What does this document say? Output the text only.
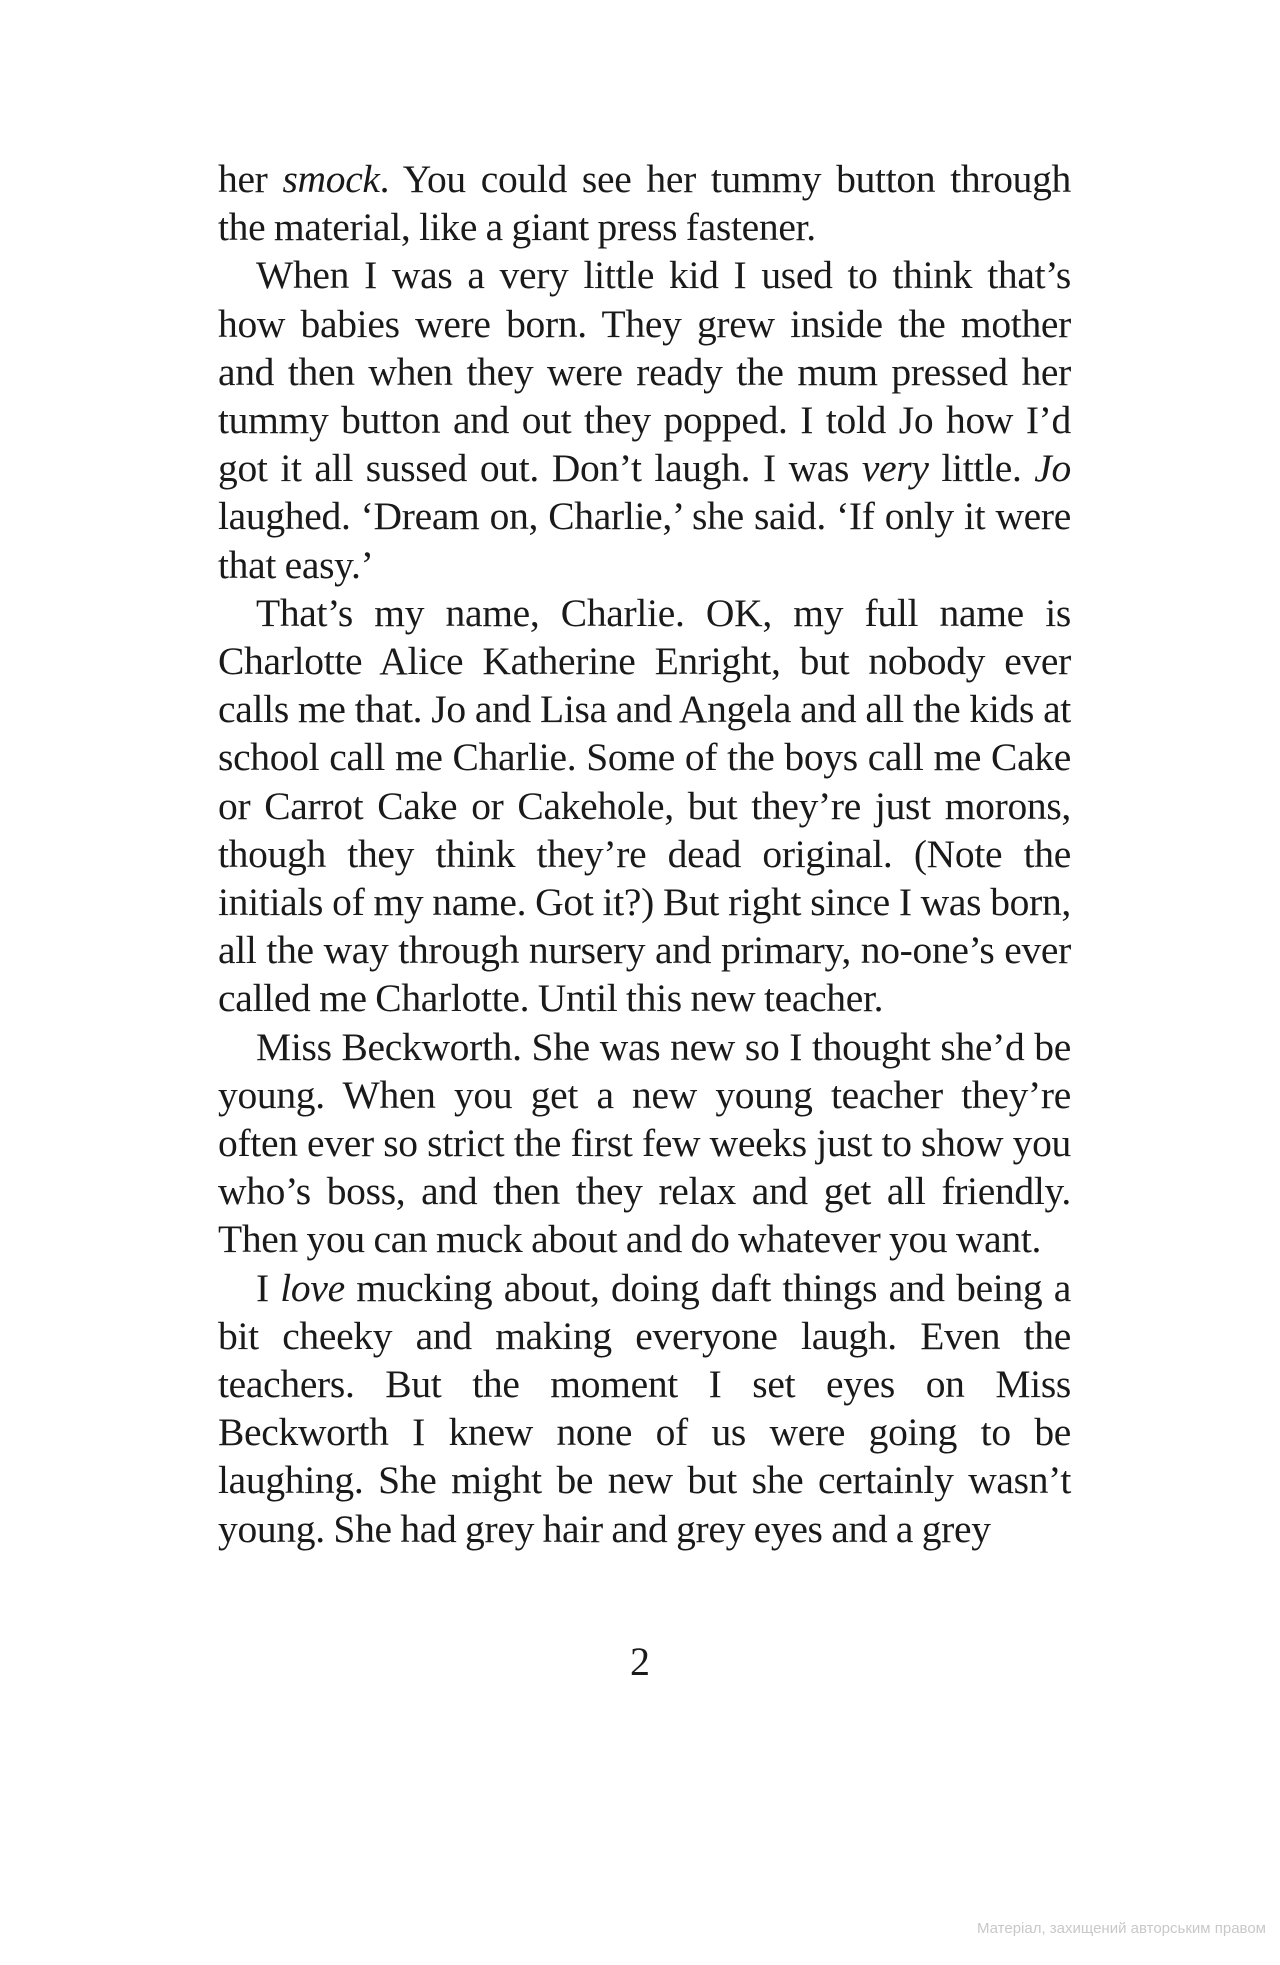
her smock. You could see her tummy button through the material, like a giant press fastener.

When I was a very little kid I used to think that’s how babies were born. They grew inside the mother and then when they were ready the mum pressed her tummy button and out they popped. I told Jo how I’d got it all sussed out. Don’t laugh. I was very little. Jo laughed. ‘Dream on, Charlie,’ she said. ‘If only it were that easy.’

That’s my name, Charlie. OK, my full name is Charlotte Alice Katherine Enright, but nobody ever calls me that. Jo and Lisa and Angela and all the kids at school call me Charlie. Some of the boys call me Cake or Carrot Cake or Cakehole, but they’re just morons, though they think they’re dead original. (Note the initials of my name. Got it?) But right since I was born, all the way through nursery and primary, no-one’s ever called me Charlotte. Until this new teacher.

Miss Beckworth. She was new so I thought she’d be young. When you get a new young teacher they’re often ever so strict the first few weeks just to show you who’s boss, and then they relax and get all friendly. Then you can muck about and do whatever you want.

I love mucking about, doing daft things and being a bit cheeky and making everyone laugh. Even the teachers. But the moment I set eyes on Miss Beckworth I knew none of us were going to be laughing. She might be new but she certainly wasn’t young. She had grey hair and grey eyes and a grey

2
Матеріал, захищений авторським правом
